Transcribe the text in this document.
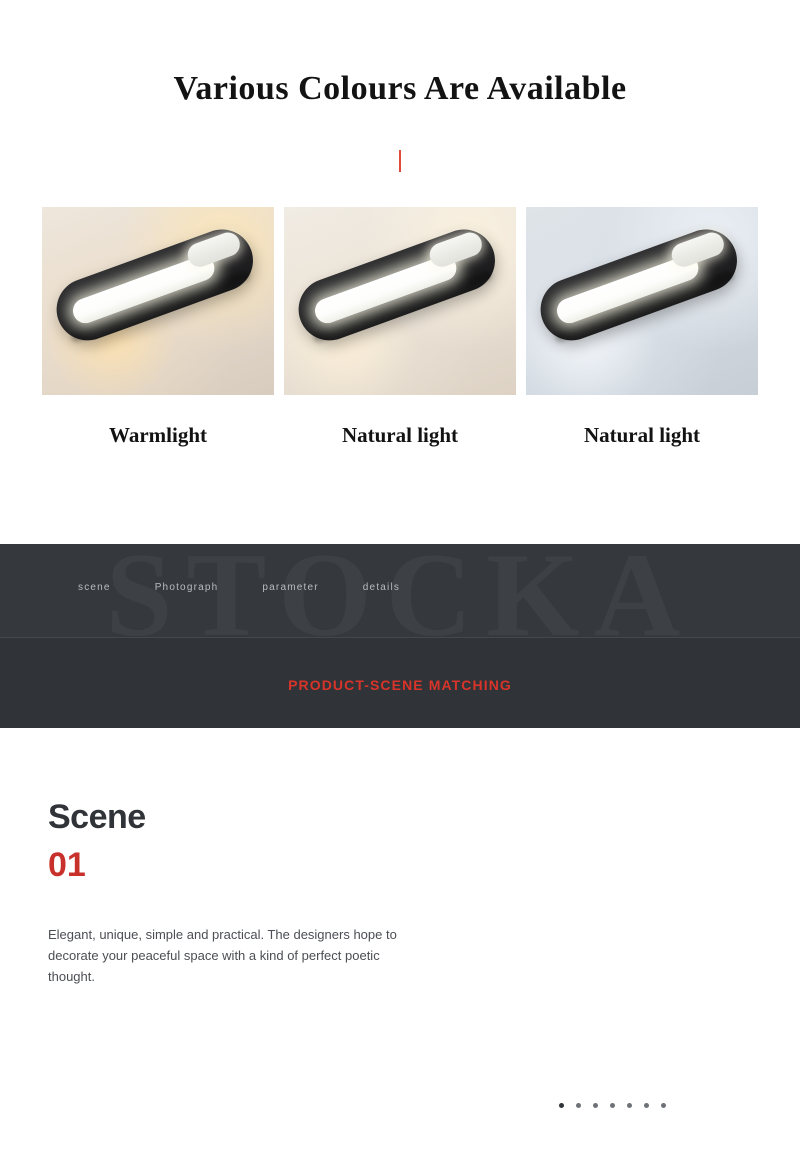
Various Colours Are Available
Warmlight	Natural light	Natural light
scene	Photograph	parameter	details
PRODUCT-SCENE MATCHING
Scene
01
Elegant, unique, simple and practical. The designers hope to decorate your peaceful space with a kind of perfect poetic thought.
